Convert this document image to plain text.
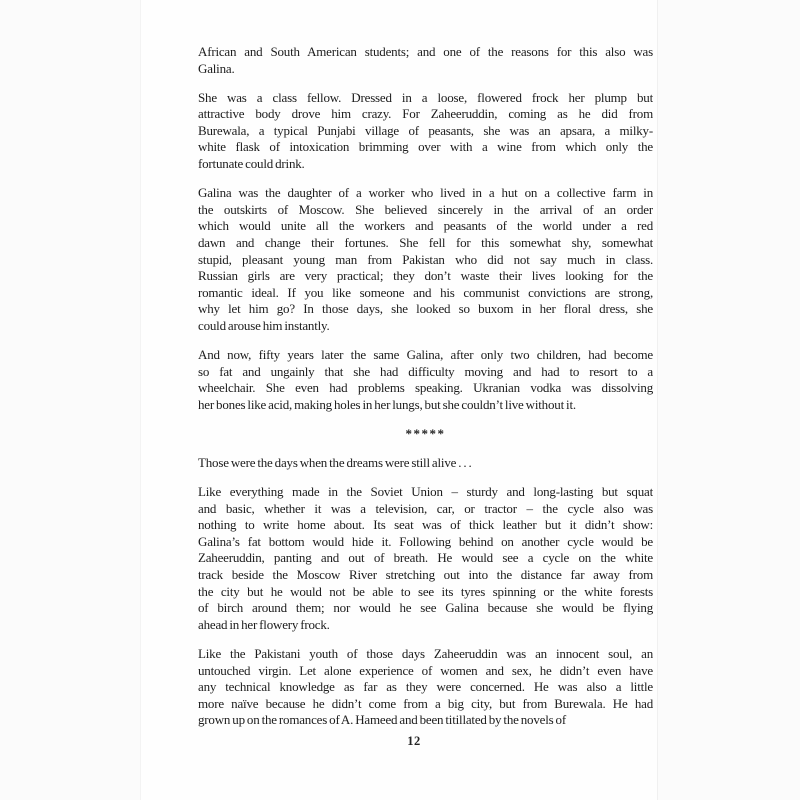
African and South American students; and one of the reasons for this also was
Galina.
She was a class fellow. Dressed in a loose, flowered frock her plump but
attractive body drove him crazy. For Zaheeruddin, coming as he did from
Burewala, a typical Punjabi village of peasants, she was an apsara, a milky-
white flask of intoxication brimming over with a wine from which only the
fortunate could drink.
Galina was the daughter of a worker who lived in a hut on a collective farm in
the outskirts of Moscow. She believed sincerely in the arrival of an order
which would unite all the workers and peasants of the world under a red
dawn and change their fortunes. She fell for this somewhat shy, somewhat
stupid, pleasant young man from Pakistan who did not say much in class.
Russian girls are very practical; they don’t waste their lives looking for the
romantic ideal. If you like someone and his communist convictions are strong,
why let him go? In those days, she looked so buxom in her floral dress, she
could arouse him instantly.
And now, fifty years later the same Galina, after only two children, had become
so fat and ungainly that she had difficulty moving and had to resort to a
wheelchair. She even had problems speaking. Ukranian vodka was dissolving
her bones like acid, making holes in her lungs, but she couldn’t live without it.
*****
Those were the days when the dreams were still alive . . .
Like everything made in the Soviet Union – sturdy and long-lasting but squat
and basic, whether it was a television, car, or tractor – the cycle also was
nothing to write home about. Its seat was of thick leather but it didn’t show:
Galina’s fat bottom would hide it. Following behind on another cycle would be
Zaheeruddin, panting and out of breath. He would see a cycle on the white
track beside the Moscow River stretching out into the distance far away from
the city but he would not be able to see its tyres spinning or the white forests
of birch around them; nor would he see Galina because she would be flying
ahead in her flowery frock.
Like the Pakistani youth of those days Zaheeruddin was an innocent soul, an
untouched virgin. Let alone experience of women and sex, he didn’t even have
any technical knowledge as far as they were concerned. He was also a little
more naïve because he didn’t come from a big city, but from Burewala. He had
grown up on the romances of A. Hameed and been titillated by the novels of
12
